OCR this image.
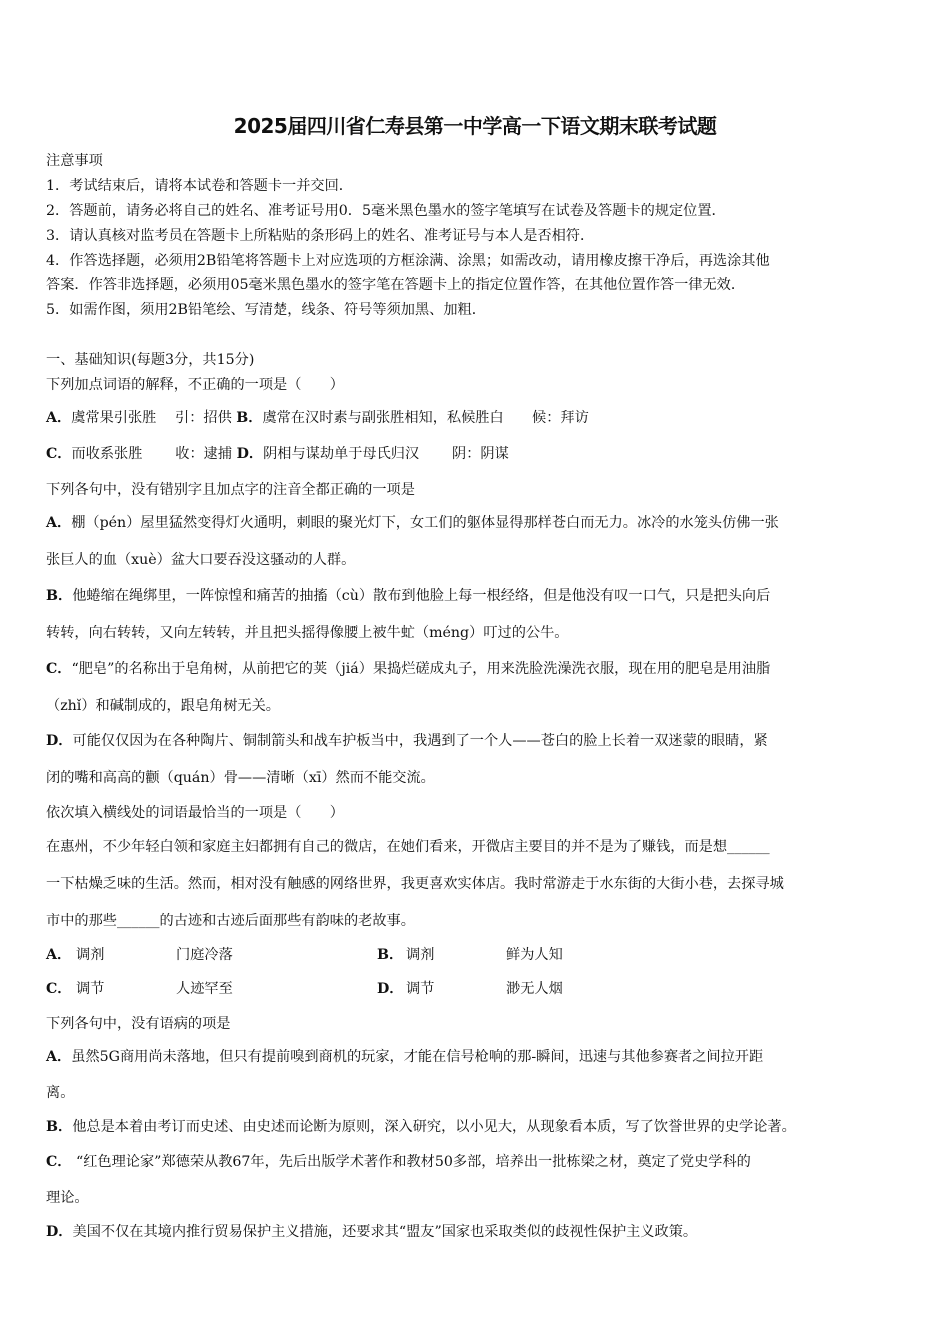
2025届四川省仁寿县第一中学高一下语文期末联考试题
注意事项
1．考试结束后，请将本试卷和答题卡一并交回．
2．答题前，请务必将自己的姓名、准考证号用0．5毫米黑色墨水的签字笔填写在试卷及答题卡的规定位置．
3．请认真核对监考员在答题卡上所粘贴的条形码上的姓名、准考证号与本人是否相符．
4．作答选择题，必须用2B铅笔将答题卡上对应选项的方框涂满、涂黑；如需改动，请用橡皮擦干净后，再选涂其他
答案．作答非选择题，必须用05毫米黑色墨水的签字笔在答题卡上的指定位置作答，在其他位置作答一律无效．
5．如需作图，须用2B铅笔绘、写清楚，线条、符号等须加黑、加粗．
一、基础知识(每题3分，共15分)
下列加点词语的解释，不正确的一项是（　　）
A．虞常果引张胜　 引：招供 B．虞常在汉时素与副张胜相知，私候胜白　　候：拜访
C．而收系张胜　　 收：逮捕 D．阴相与谋劫单于母氏归汉　　 阴：阴谋
下列各句中，没有错别字且加点字的注音全都正确的一项是
A．棚（pén）屋里猛然变得灯火通明，刺眼的聚光灯下，女工们的躯体显得那样苍白而无力。冰冷的水笼头仿佛一张
张巨人的血（xuè）盆大口要吞没这骚动的人群。
B．他蜷缩在绳绑里，一阵惊惶和痛苦的抽搐（cù）散布到他脸上每一根经络，但是他没有叹一口气，只是把头向后
转转，向右转转，又向左转转，并且把头摇得像腰上被牛虻（méng）叮过的公牛。
C．“肥皂”的名称出于皂角树，从前把它的荚（jiá）果捣烂磋成丸子，用来洗脸洗澡洗衣服，现在用的肥皂是用油脂
（zhǐ）和碱制成的，跟皂角树无关。
D．可能仅仅因为在各种陶片、铜制箭头和战车护板当中，我遇到了一个人——苍白的脸上长着一双迷蒙的眼睛，紧
闭的嘴和高高的颧（quán）骨——清晰（xī）然而不能交流。
依次填入横线处的词语最恰当的一项是（　　）
在惠州，不少年轻白领和家庭主妇都拥有自己的微店，在她们看来，开微店主要目的并不是为了赚钱，而是想______
一下枯燥乏味的生活。然而，相对没有触感的网络世界，我更喜欢实体店。我时常游走于水东街的大街小巷，去探寻城
市中的那些______的古迹和古迹后面那些有韵味的老故事。
A． 调剂	门庭冷落	B． 调剂	鲜为人知
C． 调节	人迹罕至	D． 调节	渺无人烟
下列各句中，没有语病的项是
A．虽然5G商用尚未落地，但只有提前嗅到商机的玩家，才能在信号枪响的那-瞬间，迅速与其他参赛者之间拉开距
离。
B．他总是本着由考订而史述、由史述而论断为原则，深入研究，以小见大，从现象看本质，写了饮誉世界的史学论著。
C． “红色理论家”郑德荣从教67年，先后出版学术著作和教材50多部，培养出一批栋梁之材，奠定了党史学科的
理论。
D．美国不仅在其境内推行贸易保护主义措施，还要求其“盟友”国家也采取类似的歧视性保护主义政策。
